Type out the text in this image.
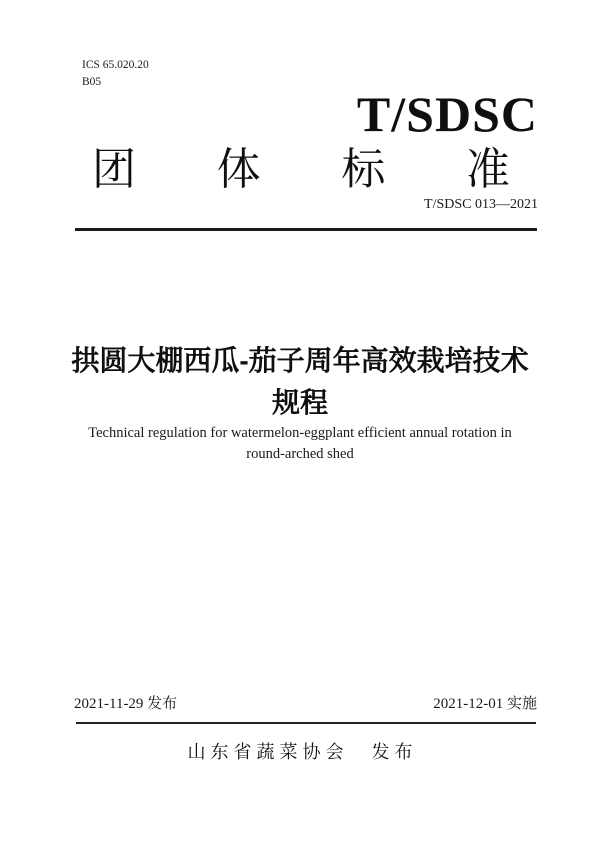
ICS 65.020.20
B05
T/SDSC
团 体 标 准
T/SDSC 013—2021
拱圆大棚西瓜-茄子周年高效栽培技术
规程
Technical regulation for watermelon-eggplant efficient annual rotation in
round-arched shed
2021-11-29 发布	2021-12-01 实施
山东省蔬菜协会　发布
